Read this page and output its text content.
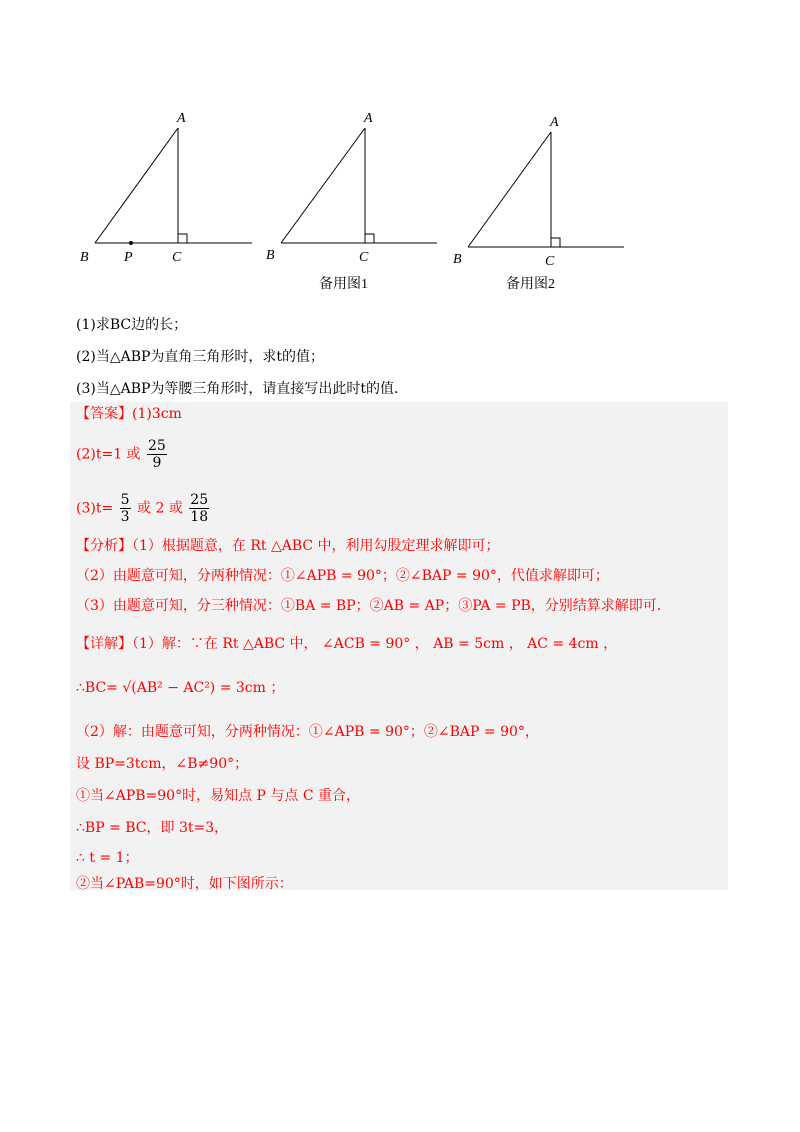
A
B	P	C
A
B	C
备用图1
A
B	C
备用图2
(1)求BC边的长；
(2)当△ABP为直角三角形时，求t的值；
(3)当△ABP为等腰三角形时，请直接写出此时t的值．
【答案】(1)3cm
(2)t=1 或 $\frac{25}{9}$
$(3)t= \frac{5}{3}$ 或 2 或 $\frac{25}{18}$
【分析】（1）根据题意，在 Rt △ABC 中，利用勾股定理求解即可；
（2）由题意可知，分两种情况：①∠APB = 90°；②∠BAP = 90°，代值求解即可；
（3）由题意可知，分三种情况：①BA = BP；②AB = AP；③PA = PB，分别结算求解即可．
【详解】（1）解：∵在 Rt △ABC 中， ∠ACB = 90° ， AB = 5cm ， AC = 4cm ，
∴BC= √(AB² − AC²) = 3cm ；
（2）解：由题意可知，分两种情况：①∠APB = 90°；②∠BAP = 90°，
设 BP=3tcm，∠B≠90°；
①当∠APB=90°时，易知点 P 与点 C 重合，
∴BP = BC，即 3t=3，
∴ t = 1；
②当∠PAB=90°时，如下图所示：
